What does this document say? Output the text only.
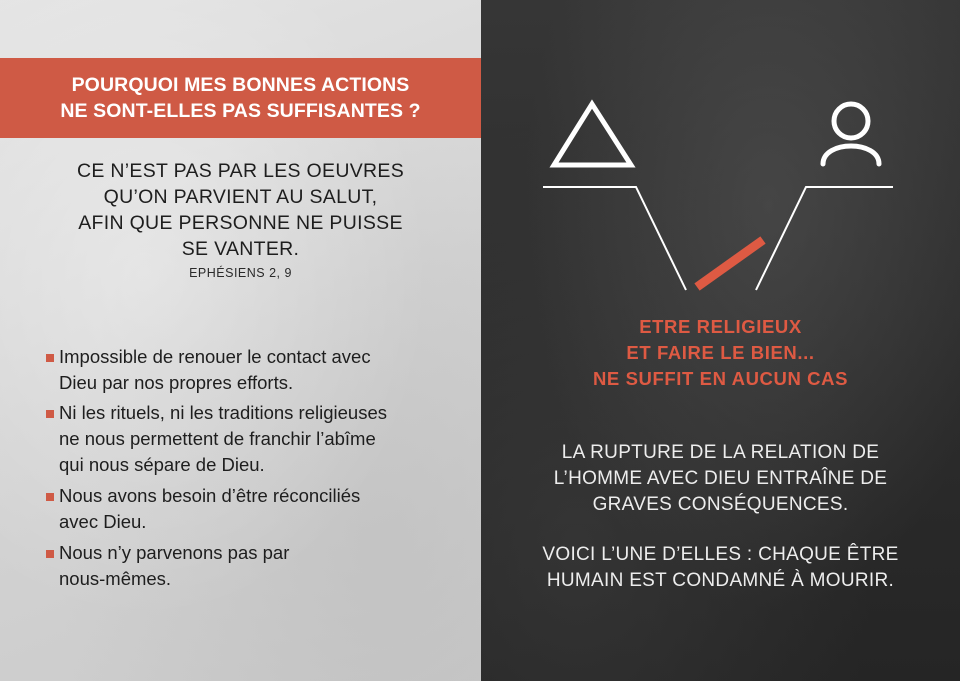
POURQUOI MES BONNES ACTIONS
NE SONT-ELLES PAS SUFFISANTES ?
CE N’EST PAS PAR LES OEUVRES
QU’ON PARVIENT AU SALUT,
AFIN QUE PERSONNE NE PUISSE
SE VANTER.
EPHÉSIENS 2, 9
Impossible de renouer le contact avec
Dieu par nos propres efforts.
Ni les rituels, ni les traditions religieuses
ne nous permettent de franchir l’abîme
qui nous sépare de Dieu.
Nous avons besoin d’être réconciliés
avec Dieu.
Nous n’y parvenons pas par
nous-mêmes.
ETRE RELIGIEUX
ET FAIRE LE BIEN...
NE SUFFIT EN AUCUN CAS
LA RUPTURE DE LA RELATION DE
L’HOMME AVEC DIEU ENTRAÎNE DE
GRAVES CONSÉQUENCES.
VOICI L’UNE D’ELLES : CHAQUE ÊTRE
HUMAIN EST CONDAMNÉ À MOURIR.
